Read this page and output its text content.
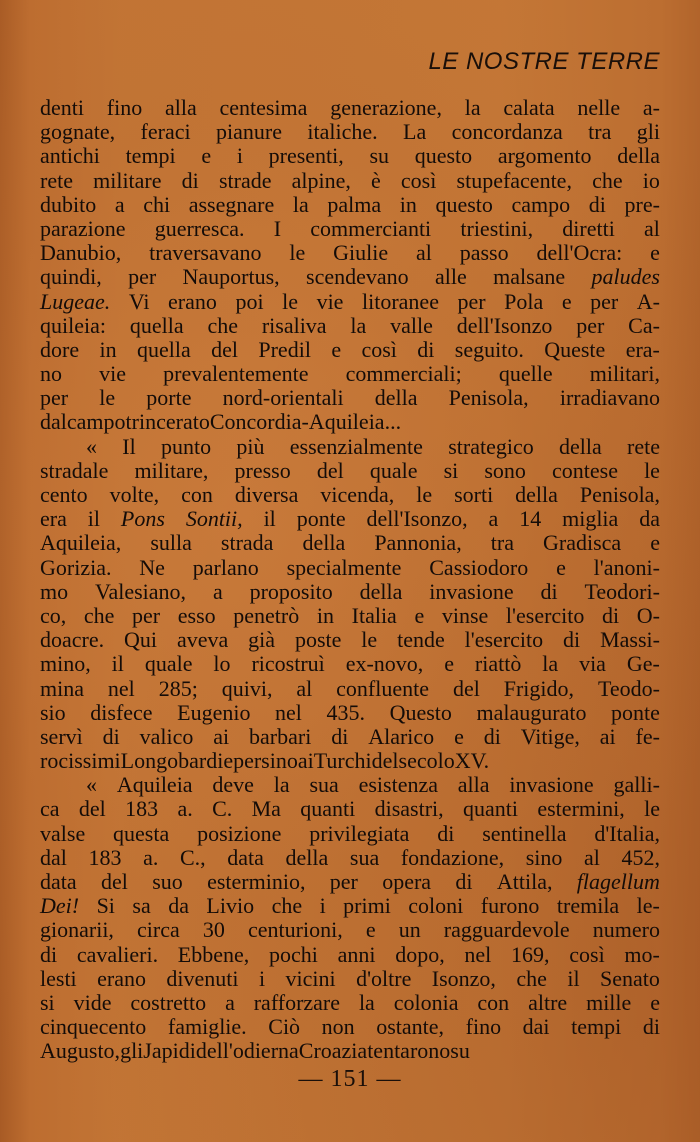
LE NOSTRE TERRE
denti fino alla centesima generazione, la calata nelle a-
gognate, feraci pianure italiche. La concordanza tra gli
antichi tempi e i presenti, su questo argomento della
rete militare di strade alpine, è così stupefacente, che io
dubito a chi assegnare la palma in questo campo di pre-
parazione guerresca. I commercianti triestini, diretti al
Danubio, traversavano le Giulie al passo dell'Ocra: e
quindi, per Nauportus, scendevano alle malsane paludes
Lugeae. Vi erano poi le vie litoranee per Pola e per A-
quileia: quella che risaliva la valle dell'Isonzo per Ca-
dore in quella del Predil e così di seguito. Queste era-
no vie prevalentemente commerciali; quelle militari,
per le porte nord-orientali della Penisola, irradiavano
dal campo trincerato Concordia-Aquileia...
« Il punto più essenzialmente strategico della rete
stradale militare, presso del quale si sono contese le
cento volte, con diversa vicenda, le sorti della Penisola,
era il Pons Sontii, il ponte dell'Isonzo, a 14 miglia da
Aquileia, sulla strada della Pannonia, tra Gradisca e
Gorizia. Ne parlano specialmente Cassiodoro e l'anoni-
mo Valesiano, a proposito della invasione di Teodori-
co, che per esso penetrò in Italia e vinse l'esercito di O-
doacre. Qui aveva già poste le tende l'esercito di Massi-
mino, il quale lo ricostruì ex-novo, e riattò la via Ge-
mina nel 285; quivi, al confluente del Frigido, Teodo-
sio disfece Eugenio nel 435. Questo malaugurato ponte
servì di valico ai barbari di Alarico e di Vitige, ai fe-
rocissimi Longobardi e persino ai Turchi del secolo XV.
« Aquileia deve la sua esistenza alla invasione galli-
ca del 183 a. C. Ma quanti disastri, quanti estermini, le
valse questa posizione privilegiata di sentinella d'Italia,
dal 183 a. C., data della sua fondazione, sino al 452,
data del suo esterminio, per opera di Attila, flagellum
Dei! Si sa da Livio che i primi coloni furono tremila le-
gionarii, circa 30 centurioni, e un ragguardevole numero
di cavalieri. Ebbene, pochi anni dopo, nel 169, così mo-
lesti erano divenuti i vicini d'oltre Isonzo, che il Senato
si vide costretto a rafforzare la colonia con altre mille e
cinquecento famiglie. Ciò non ostante, fino dai tempi di
Augusto, gli Japidi dell'odierna Croazia tentarono su
— 151 —
